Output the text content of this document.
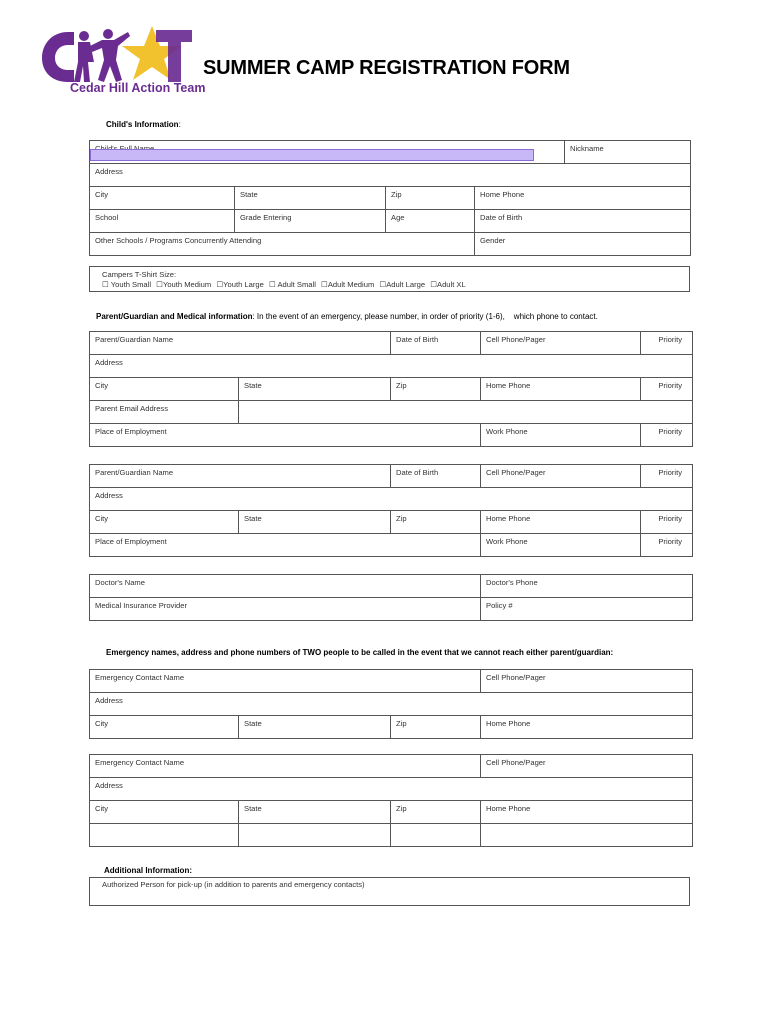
Cedar Hill Action Team
SUMMER CAMP REGISTRATION FORM
Child's Information:
	Nickname
Address				
City	State	Zip	Home Phone	
School	Grade Entering	Age	Date of Birth	
Other Schools / Programs Concurrently Attending			Gender	
Campers T-Shirt Size:
☐ Youth Small ☐Youth Medium ☐Youth Large ☐ Adult Small ☐Adult Medium ☐Adult Large ☐Adult XL
Parent/Guardian and Medical information: In the event of an emergency, please number, in order of priority (1-6),    which phone to contact.
Parent/Guardian Name		Date of Birth	Cell Phone/Pager	Priority
Address				
City	State	Zip	Home Phone	Priority
Parent Email Address				
Place of Employment			Work Phone	Priority
Parent/Guardian Name		Date of Birth	Cell Phone/Pager	Priority
Address				
City	State	Zip	Home Phone	Priority
Place of Employment			Work Phone	Priority
Doctor's Name	Doctor's Phone
Medical Insurance Provider	Policy #
Emergency names, address and phone numbers of TWO people to be called in the event that we cannot reach either parent/guardian:
Emergency Contact Name			Cell Phone/Pager
Address			
City	State	Zip	Home Phone
Emergency Contact Name			Cell Phone/Pager
Address			
City	State	Zip	Home Phone

Additional Information:
Authorized Person for pick-up (in addition to parents and emergency contacts)
